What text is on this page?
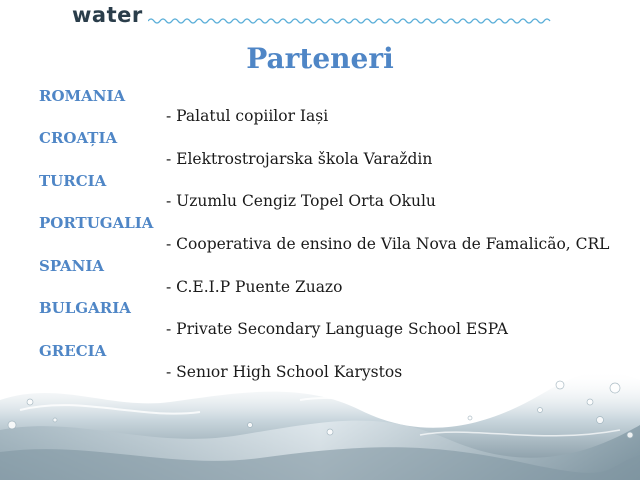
water
Parteneri
ROMANIA
CROAȚIA
TURCIA
PORTUGALIA
SPANIA
BULGARIA
GRECIA
- Palatul copiilor Iași
- Elektrostrojarska škola Varaždin
- Uzumlu Cengiz Topel Orta Okulu
- Cooperativa de ensino de Vila Nova de Famalicão, CRL
- C.E.I.P Puente Zuazo
- Private Secondary Language School ESPA
- Senıor High School Karystos
